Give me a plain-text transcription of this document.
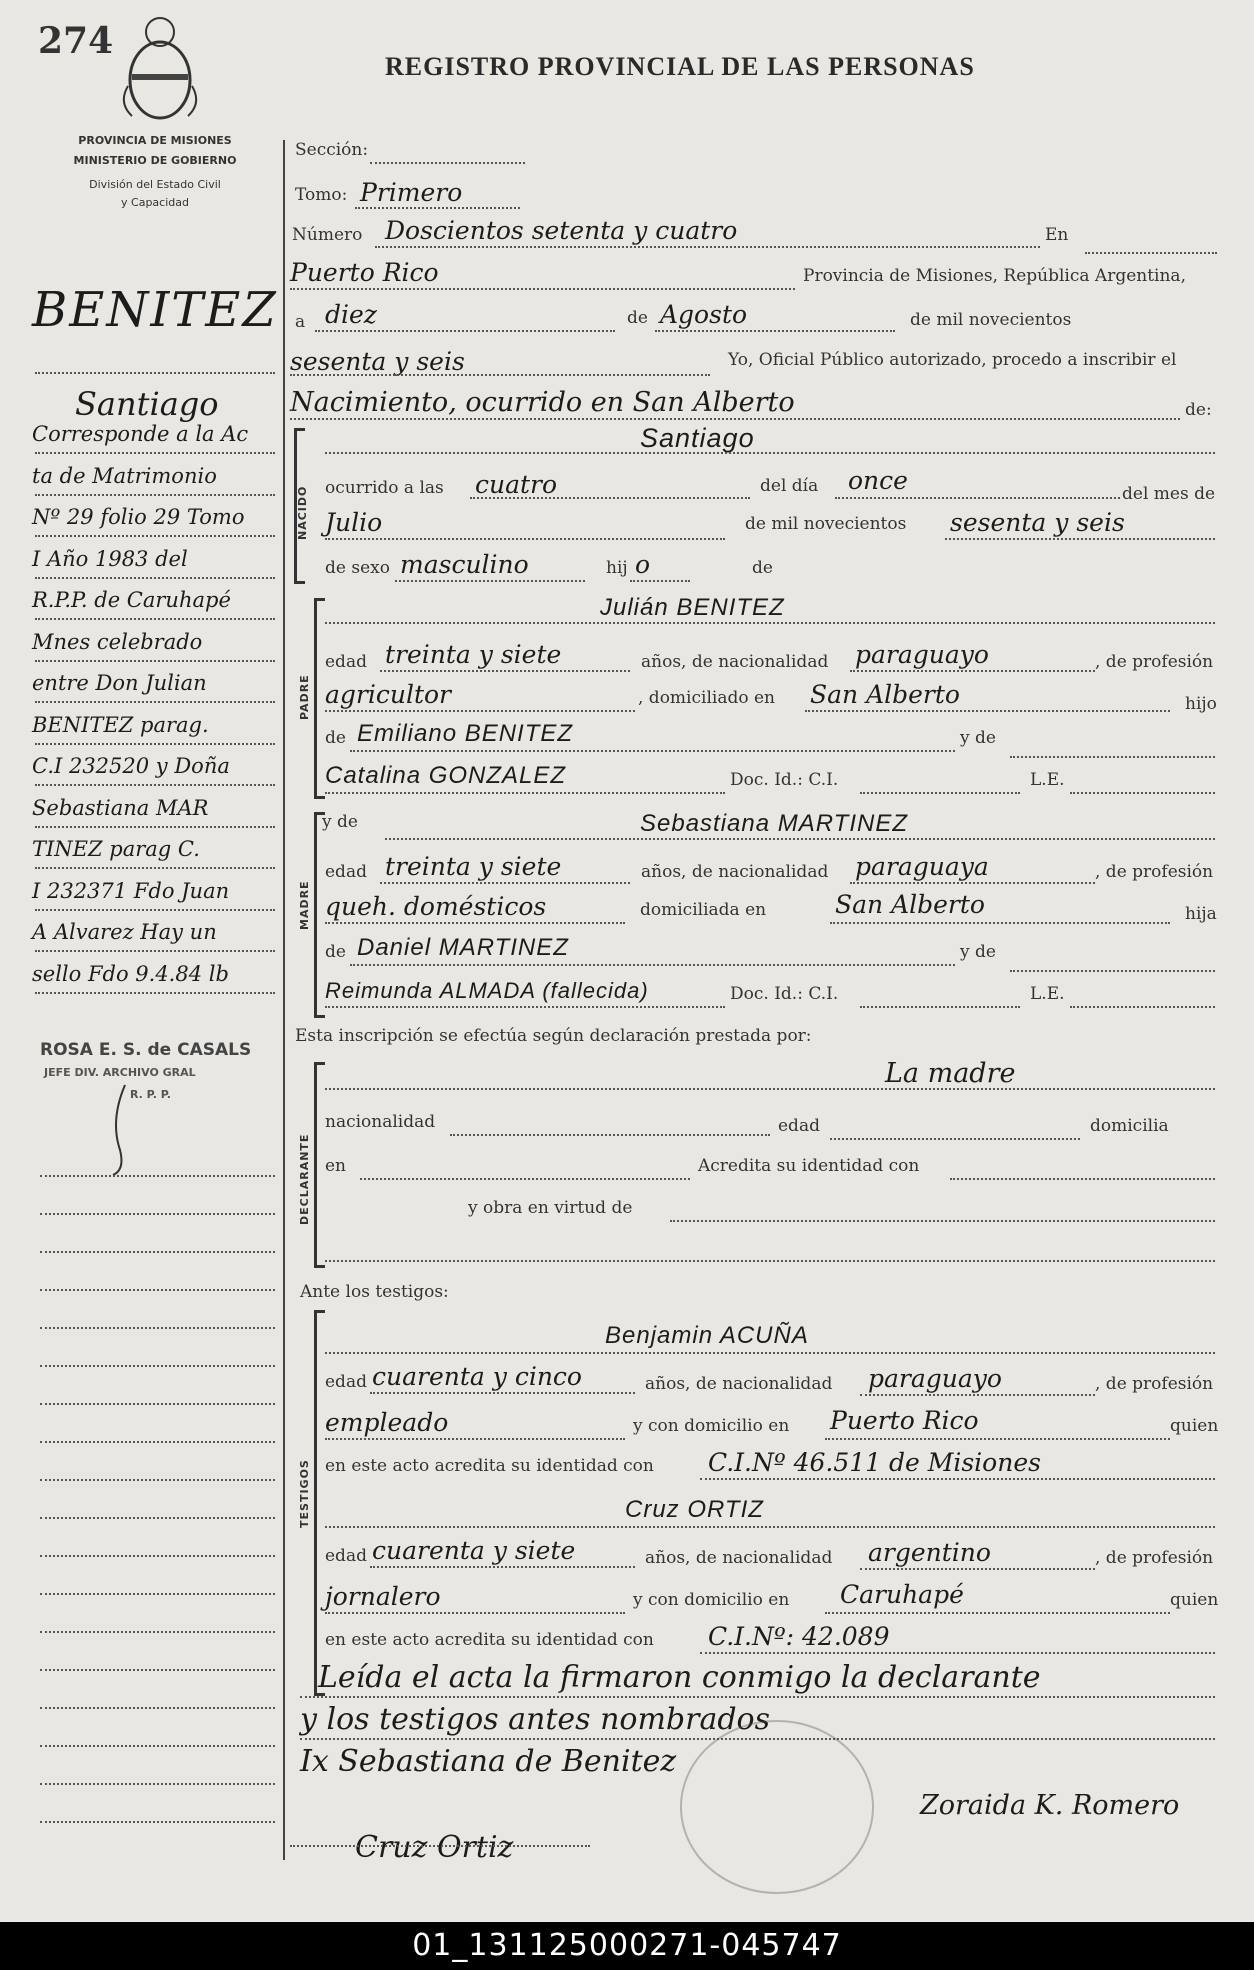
274
REGISTRO PROVINCIAL DE LAS PERSONAS
PROVINCIA DE MISIONES
MINISTERIO DE GOBIERNO
División del Estado Civil
y Capacidad
BENITEZ
Santiago
Corresponde a la Ac
ta de Matrimonio
Nº 29 folio 29 Tomo
I Año 1983 del
R.P.P. de Caruhapé
Mnes celebrado
entre Don Julian
BENITEZ parag.
C.I 232520 y Doña
Sebastiana MAR
TINEZ parag C.
I 232371 Fdo Juan
A Alvarez Hay un
sello Fdo 9.4.84 lb
ROSA E. S. de CASALS
JEFE DIV. ARCHIVO GRAL
R. P. P.
Sección:
Tomo: Primero
Número Doscientos setenta y cuatro	En
Puerto Rico	Provincia de Misiones, República Argentina,
a diez	de Agosto	de mil novecientos
sesenta y seis	Yo, Oficial Público autorizado, procedo a inscribir el
Nacimiento, ocurrido en San Alberto	de:
NACIDO
Santiago
ocurrido a las cuatro	del día once	del mes de
Julio	de mil novecientos sesenta y seis
de sexo masculino	hij o	de
PADRE
Julián BENITEZ
edad treinta y siete	años, de nacionalidad paraguayo	, de profesión
agricultor	, domiciliado en San Alberto	hijo
de Emiliano BENITEZ	y de
Catalina GONZALEZ	Doc. Id.: C.I.	L.E.
y de
MADRE
Sebastiana MARTINEZ
edad treinta y siete	años, de nacionalidad paraguaya	, de profesión
queh. domésticos	domiciliada en	San Alberto	hija
de Daniel MARTINEZ	y de
Reimunda ALMADA (fallecida)	Doc. Id.: C.I.	L.E.
Esta inscripción se efectúa según declaración prestada por:
DECLARANTE
La madre
nacionalidad	edad	domicilia
en	Acredita su identidad con
y obra en virtud de
Ante los testigos:
TESTIGOS
Benjamin ACUÑA
edad cuarenta y cinco	años, de nacionalidad paraguayo	, de profesión
empleado	y con domicilio en Puerto Rico	quien
en este acto acredita su identidad con C.I.Nº 46.511 de Misiones
Cruz ORTIZ
edad cuarenta y siete	años, de nacionalidad argentino	, de profesión
jornalero	y con domicilio en Caruhapé	quien
en este acto acredita su identidad con C.I.Nº: 42.089
Leída el acta la firmaron conmigo la declarante
y los testigos antes nombrados
Ix Sebastiana de Benitez
Zoraida K. Romero
Cruz Ortiz
01_131125000271-045747
